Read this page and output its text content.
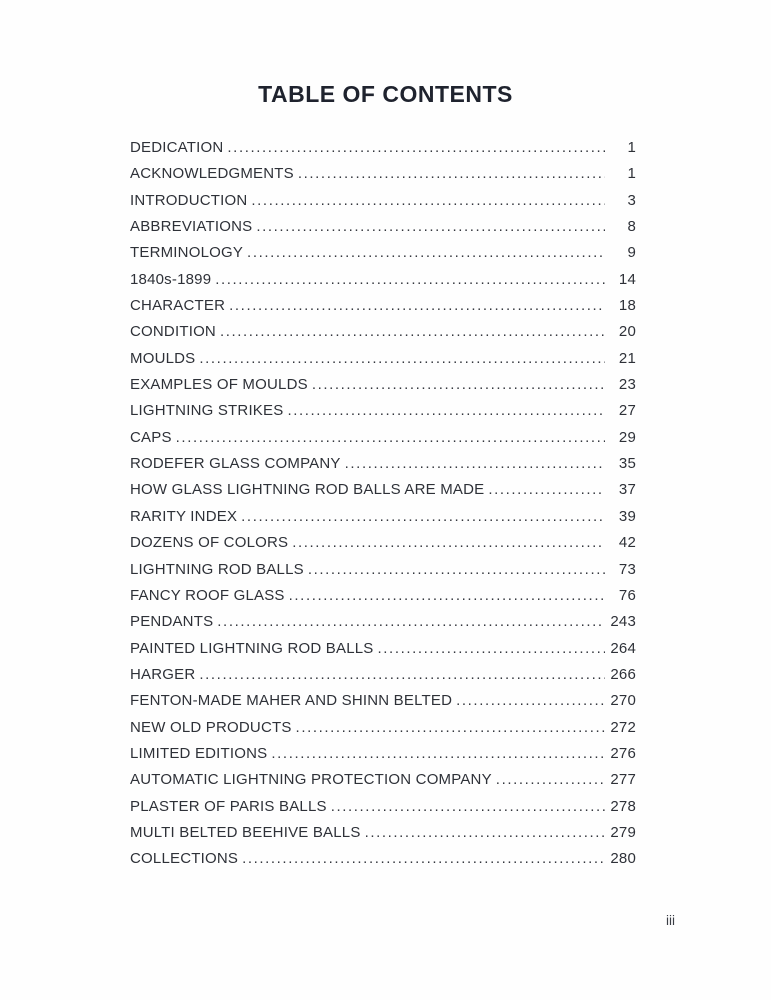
TABLE OF CONTENTS
DEDICATION .....	1
ACKNOWLEDGMENTS .....	1
INTRODUCTION .....	3
ABBREVIATIONS .....	8
TERMINOLOGY .....	9
1840s-1899 .....	14
CHARACTER .....	18
CONDITION .....	20
MOULDS .....	21
EXAMPLES OF MOULDS .....	23
LIGHTNING STRIKES .....	27
CAPS .....	29
RODEFER GLASS COMPANY .....	35
HOW GLASS LIGHTNING ROD BALLS ARE MADE .....	37
RARITY INDEX .....	39
DOZENS OF COLORS .....	42
LIGHTNING ROD BALLS .....	73
FANCY ROOF GLASS .....	76
PENDANTS .....	243
PAINTED LIGHTNING ROD BALLS .....	264
HARGER .....	266
FENTON-MADE MAHER AND SHINN BELTED .....	270
NEW OLD PRODUCTS .....	272
LIMITED EDITIONS .....	276
AUTOMATIC LIGHTNING PROTECTION COMPANY .....	277
PLASTER OF PARIS BALLS .....	278
MULTI BELTED BEEHIVE BALLS .....	279
COLLECTIONS .....	280
iii
